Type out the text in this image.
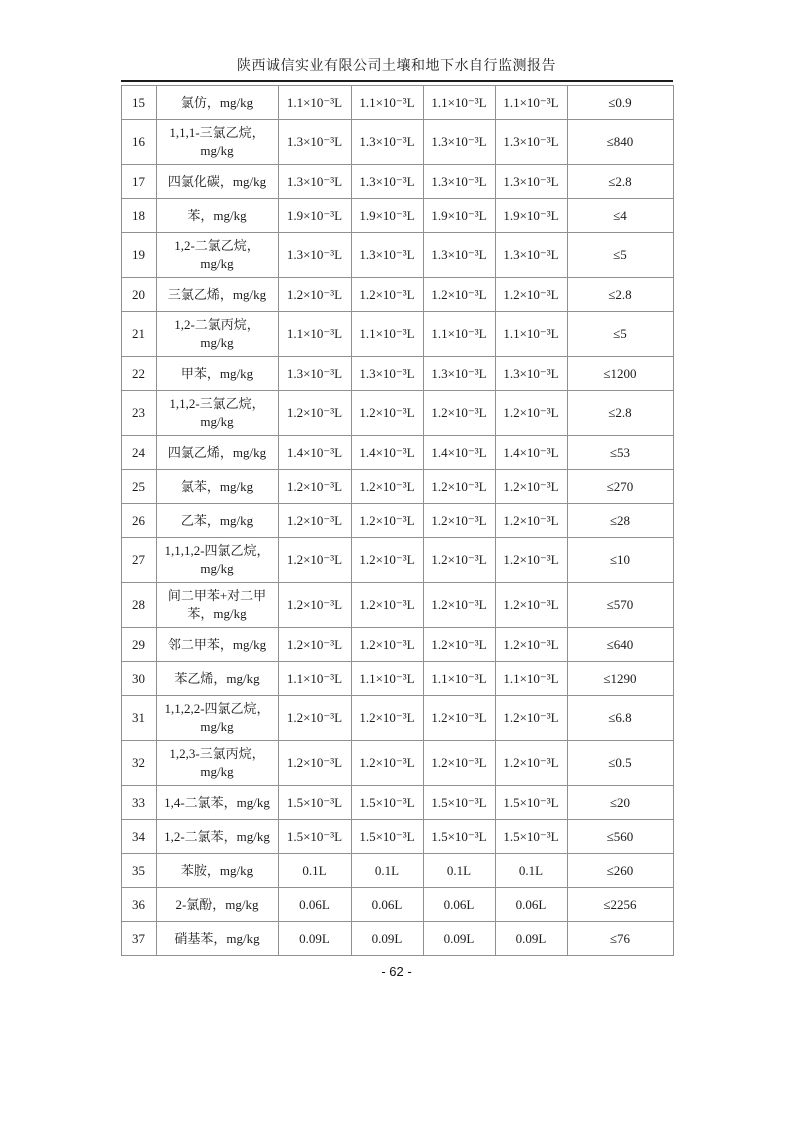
陕西诚信实业有限公司土壤和地下水自行监测报告
15	氯仿，mg/kg	1.1×10⁻³L	1.1×10⁻³L	1.1×10⁻³L	1.1×10⁻³L	≤0.9
16	1,1,1-三氯乙烷，mg/kg	1.3×10⁻³L	1.3×10⁻³L	1.3×10⁻³L	1.3×10⁻³L	≤840
17	四氯化碳，mg/kg	1.3×10⁻³L	1.3×10⁻³L	1.3×10⁻³L	1.3×10⁻³L	≤2.8
18	苯，mg/kg	1.9×10⁻³L	1.9×10⁻³L	1.9×10⁻³L	1.9×10⁻³L	≤4
19	1,2-二氯乙烷，mg/kg	1.3×10⁻³L	1.3×10⁻³L	1.3×10⁻³L	1.3×10⁻³L	≤5
20	三氯乙烯，mg/kg	1.2×10⁻³L	1.2×10⁻³L	1.2×10⁻³L	1.2×10⁻³L	≤2.8
21	1,2-二氯丙烷，mg/kg	1.1×10⁻³L	1.1×10⁻³L	1.1×10⁻³L	1.1×10⁻³L	≤5
22	甲苯，mg/kg	1.3×10⁻³L	1.3×10⁻³L	1.3×10⁻³L	1.3×10⁻³L	≤1200
23	1,1,2-三氯乙烷，mg/kg	1.2×10⁻³L	1.2×10⁻³L	1.2×10⁻³L	1.2×10⁻³L	≤2.8
24	四氯乙烯，mg/kg	1.4×10⁻³L	1.4×10⁻³L	1.4×10⁻³L	1.4×10⁻³L	≤53
25	氯苯，mg/kg	1.2×10⁻³L	1.2×10⁻³L	1.2×10⁻³L	1.2×10⁻³L	≤270
26	乙苯，mg/kg	1.2×10⁻³L	1.2×10⁻³L	1.2×10⁻³L	1.2×10⁻³L	≤28
27	1,1,1,2-四氯乙烷，mg/kg	1.2×10⁻³L	1.2×10⁻³L	1.2×10⁻³L	1.2×10⁻³L	≤10
28	间二甲苯+对二甲苯，mg/kg	1.2×10⁻³L	1.2×10⁻³L	1.2×10⁻³L	1.2×10⁻³L	≤570
29	邻二甲苯，mg/kg	1.2×10⁻³L	1.2×10⁻³L	1.2×10⁻³L	1.2×10⁻³L	≤640
30	苯乙烯，mg/kg	1.1×10⁻³L	1.1×10⁻³L	1.1×10⁻³L	1.1×10⁻³L	≤1290
31	1,1,2,2-四氯乙烷，mg/kg	1.2×10⁻³L	1.2×10⁻³L	1.2×10⁻³L	1.2×10⁻³L	≤6.8
32	1,2,3-三氯丙烷，mg/kg	1.2×10⁻³L	1.2×10⁻³L	1.2×10⁻³L	1.2×10⁻³L	≤0.5
33	1,4-二氯苯，mg/kg	1.5×10⁻³L	1.5×10⁻³L	1.5×10⁻³L	1.5×10⁻³L	≤20
34	1,2-二氯苯，mg/kg	1.5×10⁻³L	1.5×10⁻³L	1.5×10⁻³L	1.5×10⁻³L	≤560
35	苯胺，mg/kg	0.1L	0.1L	0.1L	0.1L	≤260
36	2-氯酚，mg/kg	0.06L	0.06L	0.06L	0.06L	≤2256
37	硝基苯，mg/kg	0.09L	0.09L	0.09L	0.09L	≤76
- 62 -
